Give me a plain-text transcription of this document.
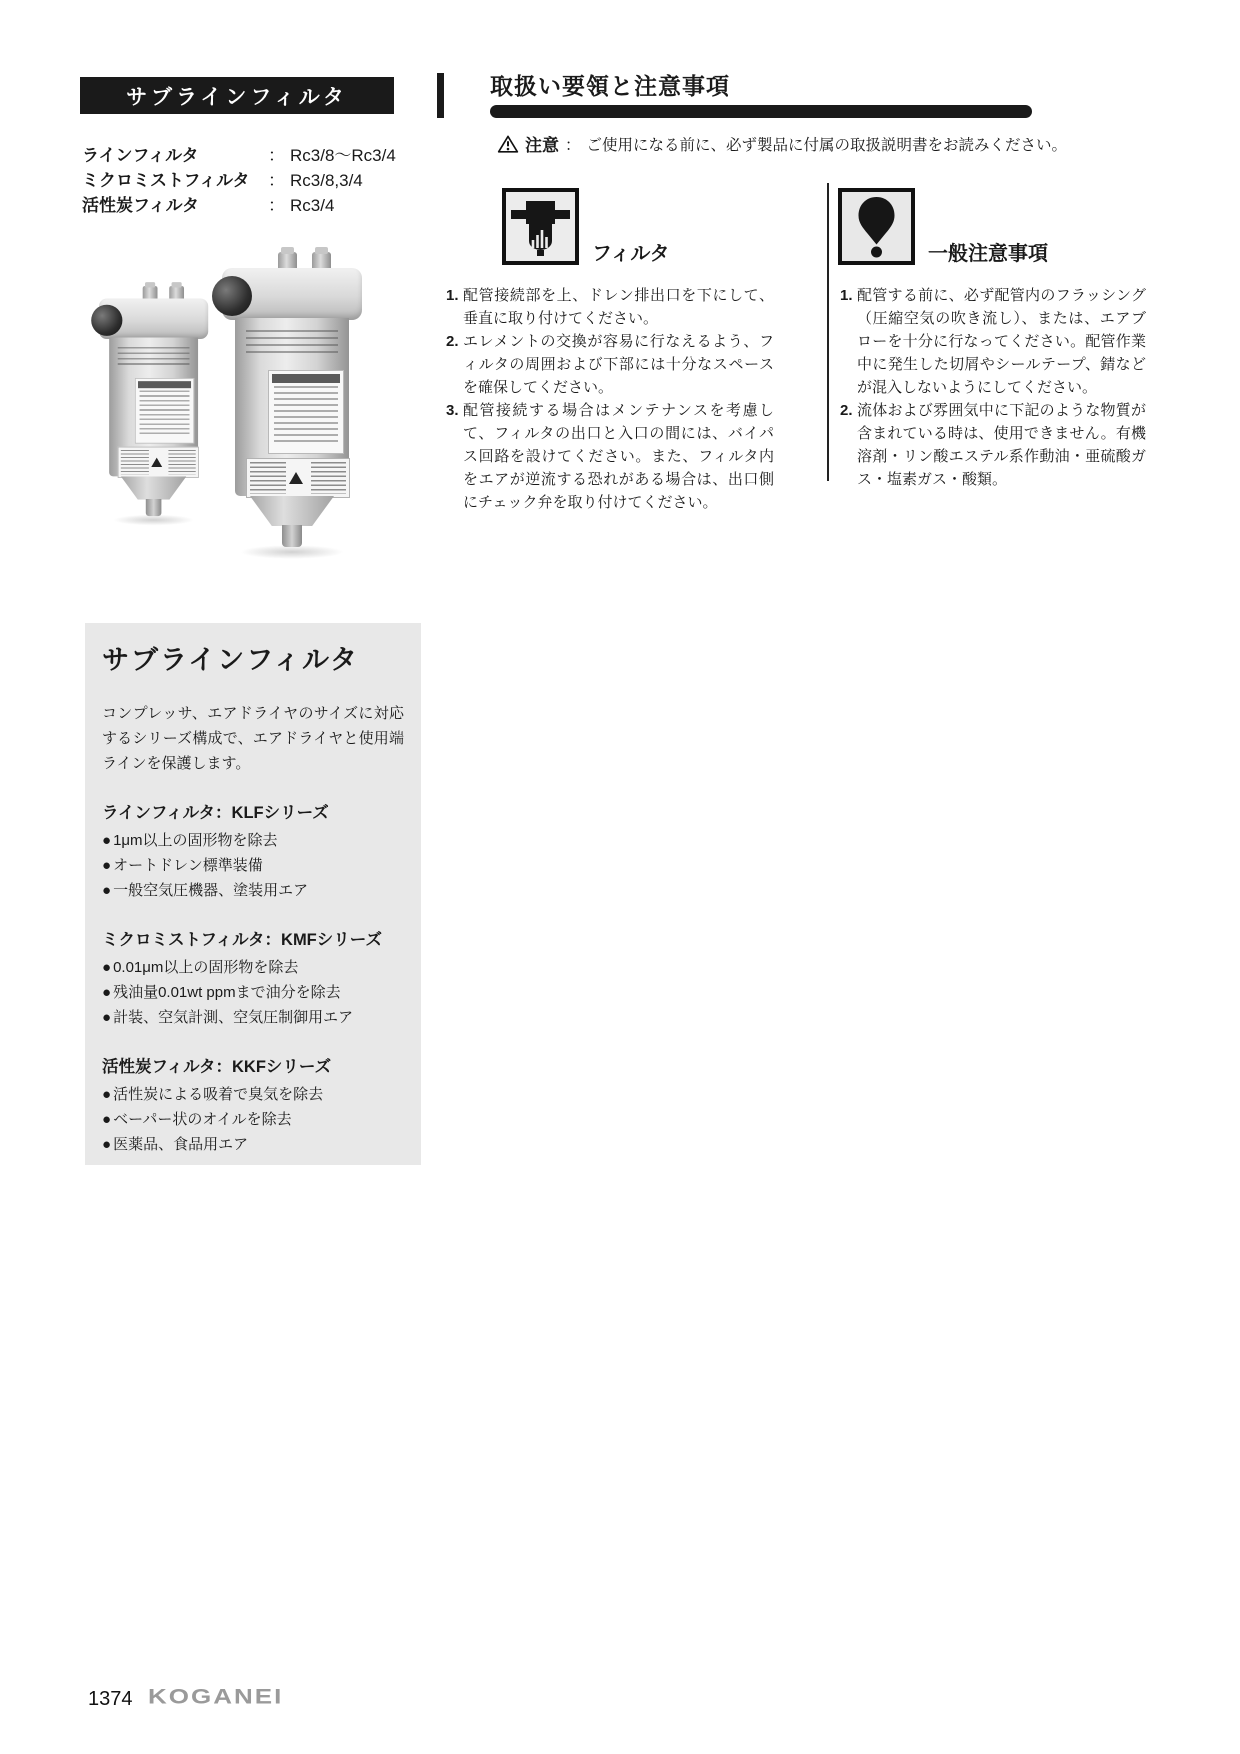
サブラインフィルタ
ラインフィルタ	： Rc3/8～Rc3/4
ミクロミストフィルタ	： Rc3/8,3/4
活性炭フィルタ	： Rc3/4
サブラインフィルタ

コンプレッサ、エアドライヤのサイズに対応するシリーズ構成で、エアドライヤと使用端ラインを保護します。

ラインフィルタ：KLFシリーズ
● 1μm以上の固形物を除去
● オートドレン標準装備
● 一般空気圧機器、塗装用エア
ミクロミストフィルタ：KMFシリーズ
● 0.01μm以上の固形物を除去
● 残油量0.01wt ppmまで油分を除去
● 計装、空気計測、空気圧制御用エア
活性炭フィルタ：KKFシリーズ
● 活性炭による吸着で臭気を除去
● ベーパー状のオイルを除去
● 医薬品、食品用エア
取扱い要領と注意事項
注意 ： ご使用になる前に、必ず製品に付属の取扱説明書をお読みください。
フィルタ
1. 配管接続部を上、ドレン排出口を下にして、垂直に取り付けてください。
2. エレメントの交換が容易に行なえるよう、フィルタの周囲および下部には十分なスペースを確保してください。
3. 配管接続する場合はメンテナンスを考慮して、フィルタの出口と入口の間には、バイパス回路を設けてください。また、フィルタ内をエアが逆流する恐れがある場合は、出口側にチェック弁を取り付けてください。
一般注意事項
1. 配管する前に、必ず配管内のフラッシング（圧縮空気の吹き流し）、または、エアブローを十分に行なってください。配管作業中に発生した切屑やシールテープ、錆などが混入しないようにしてください。
2. 流体および雰囲気中に下記のような物質が含まれている時は、使用できません。有機溶剤・リン酸エステル系作動油・亜硫酸ガス・塩素ガス・酸類。
1374 KOGANEI
